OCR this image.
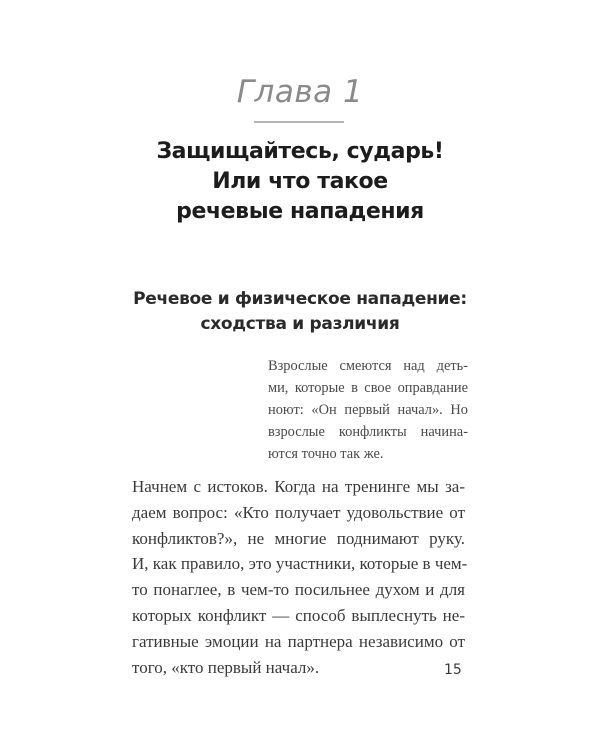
Глава 1
Защищайтесь, сударь!
Или что такое
речевые нападения
Речевое и физическое нападение:
сходства и различия
Взрослые смеются над деть-
ми, которые в свое оправдание
ноют: «Он первый начал». Но
взрослые конфликты начина-
ются точно так же.
Начнем с истоков. Когда на тренинге мы за-
даем вопрос: «Кто получает удовольствие от
конфликтов?», не многие поднимают руку.
И, как правило, это участники, которые в чем-
то понаглее, в чем-то посильнее духом и для
которых конфликт — способ выплеснуть не-
гативные эмоции на партнера независимо от
того, «кто первый начал».	15
